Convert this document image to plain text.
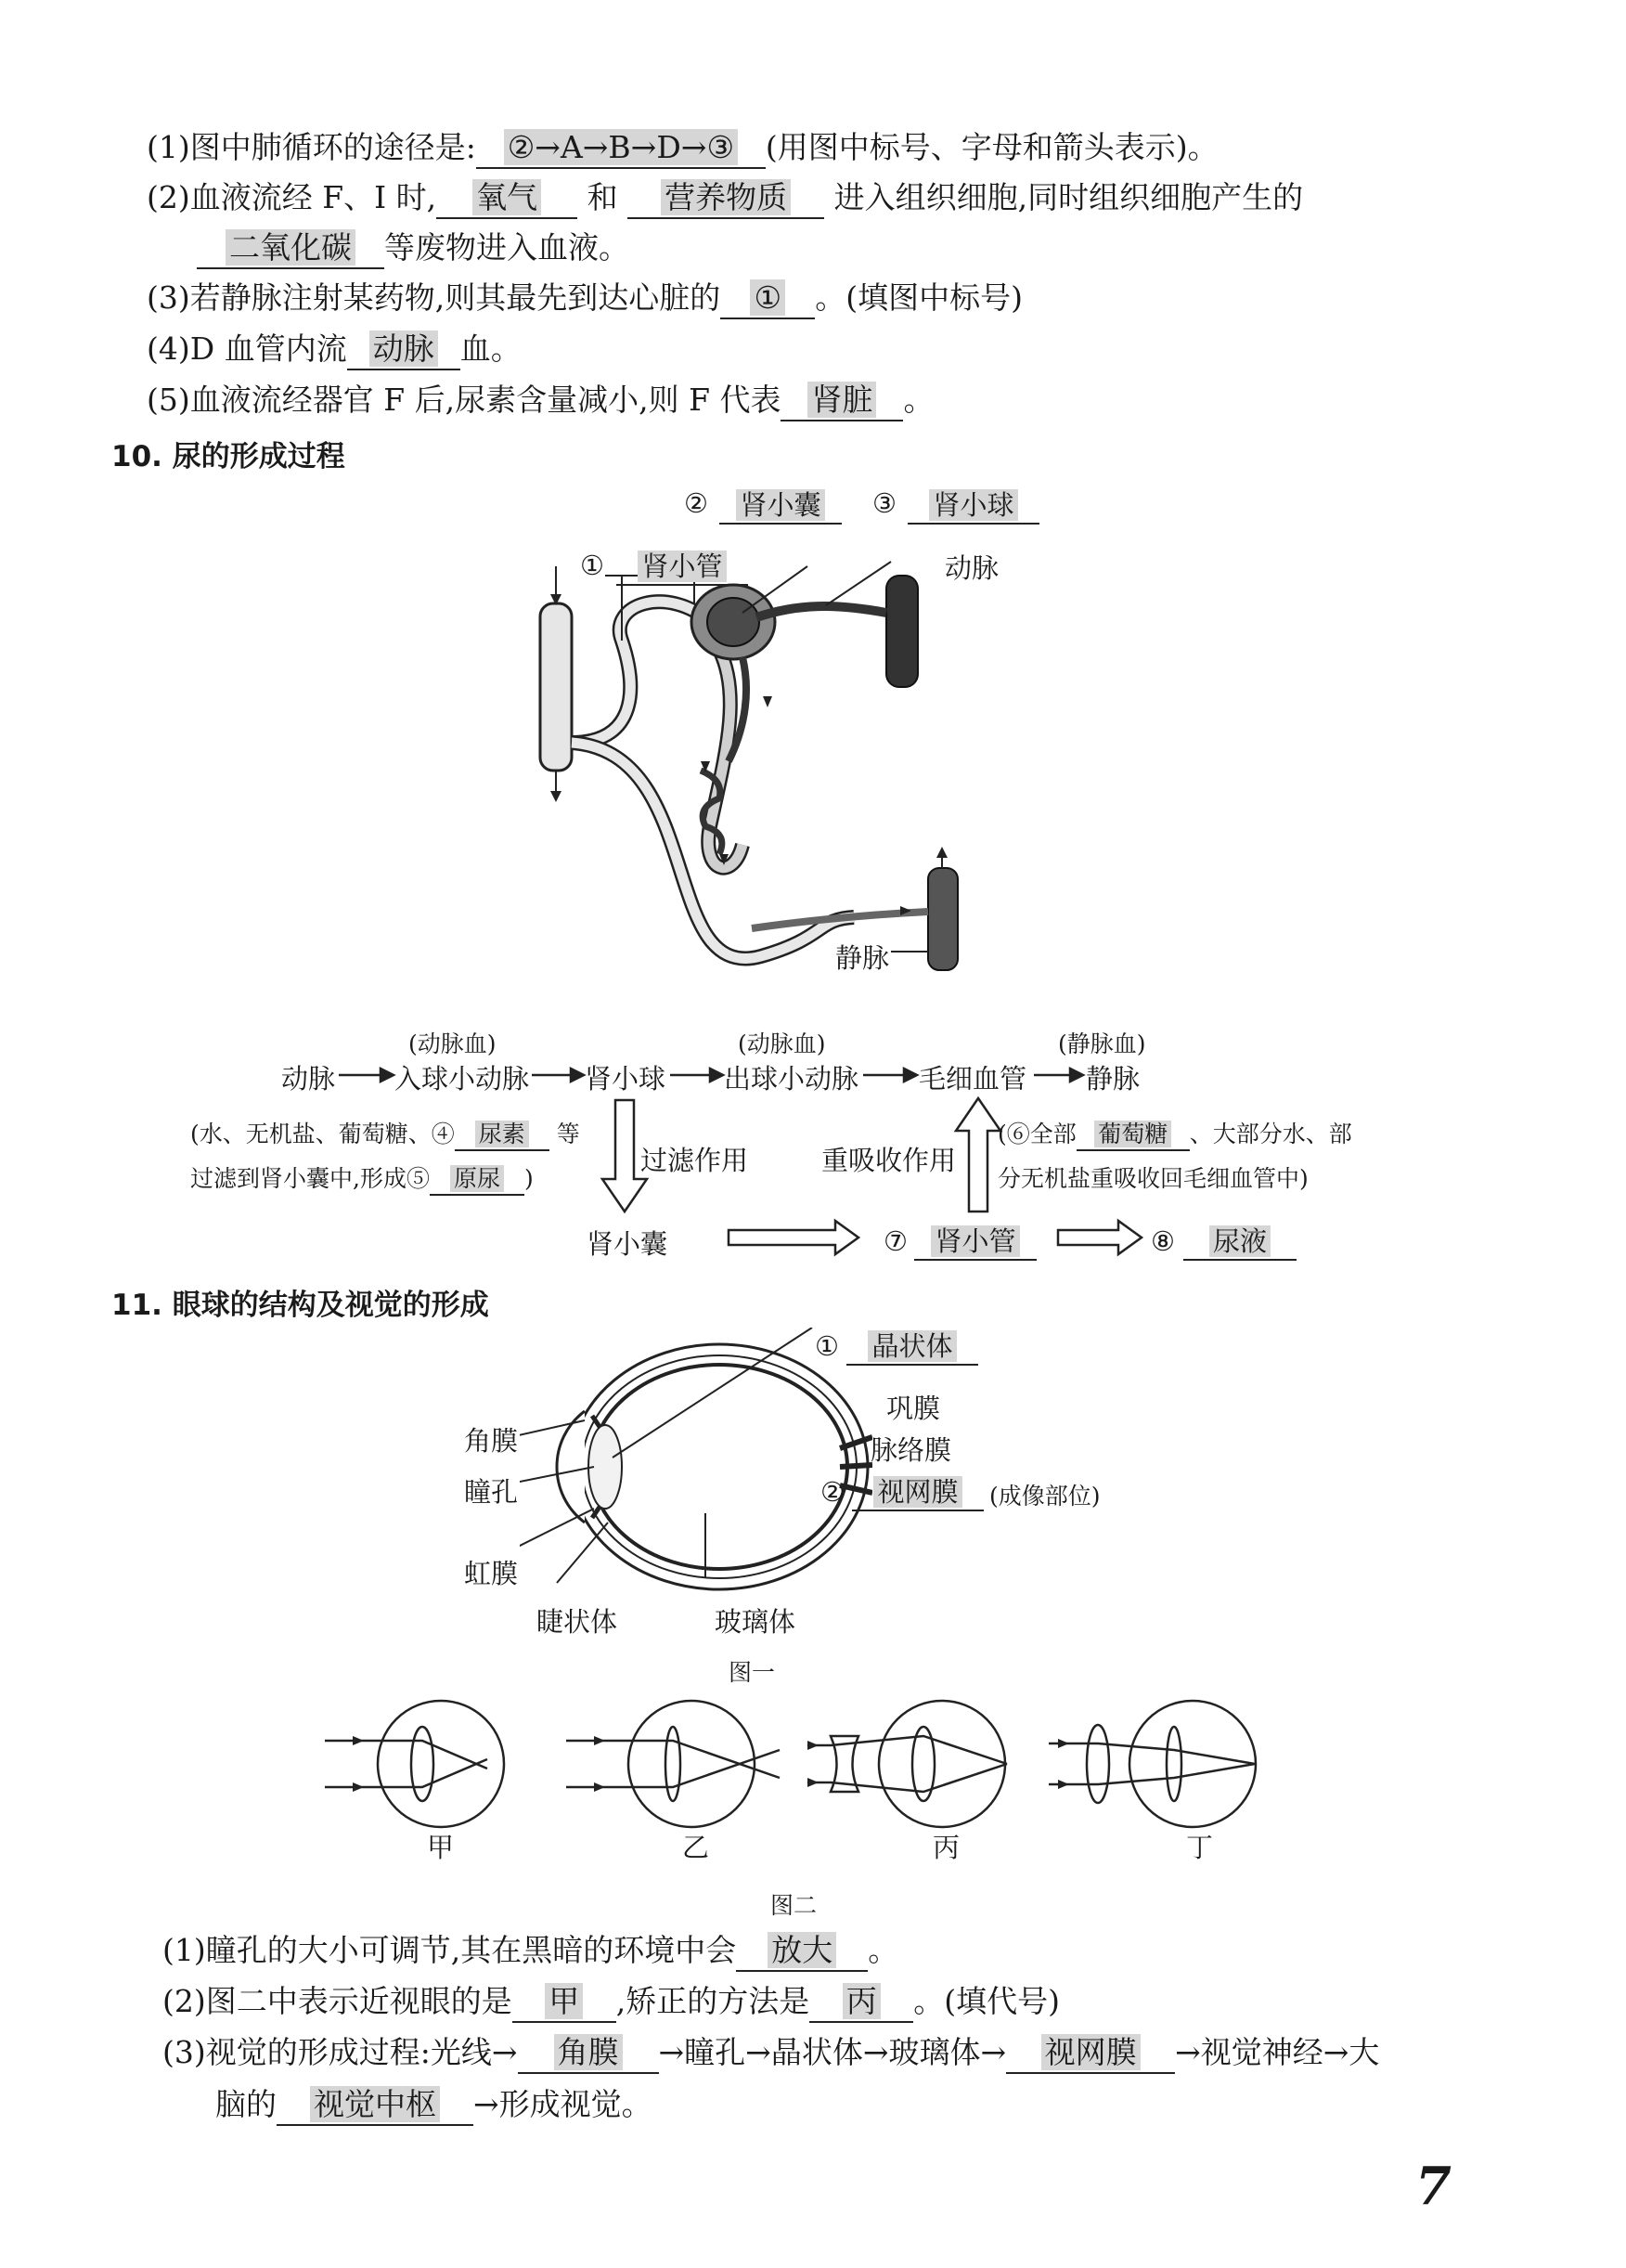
(1)图中肺循环的途径是: ②→A→B→D→③ (用图中标号、字母和箭头表示)。
(2)血液流经 F、I 时, 氧气 和 营养物质 进入组织细胞,同时组织细胞产生的
二氧化碳 等废物进入血液。
(3)若静脉注射某药物,则其最先到达心脏的 ① 。(填图中标号)
(4)D 血管内流 动脉 血。
(5)血液流经器官 F 后,尿素含量减小,则 F 代表 肾脏 。
10. 尿的形成过程
②	肾小囊	③	肾小球
①	肾小管	动脉
静脉
(动脉血)	(动脉血)	(静脉血)
动脉 入球小动脉 肾小球 出球小动脉 毛细血管 静脉
(水、无机盐、葡萄糖、④ 尿素 等
过滤到肾小囊中,形成⑤ 原尿 )
过滤作用	重吸收作用
(⑥全部 葡萄糖 、大部分水、部
分无机盐重吸收回毛细血管中)
肾小囊	⑦	肾小管	⑧	尿液
11. 眼球的结构及视觉的形成
①	晶状体
巩膜
脉络膜
②	视网膜	(成像部位)
角膜
瞳孔
虹膜
睫状体	玻璃体
图一
甲	乙	丙	丁
图二
(1)瞳孔的大小可调节,其在黑暗的环境中会 放大 。
(2)图二中表示近视眼的是 甲 ,矫正的方法是 丙 。(填代号)
(3)视觉的形成过程:光线→ 角膜 →瞳孔→晶状体→玻璃体→ 视网膜 →视觉神经→大
脑的 视觉中枢 →形成视觉。
7
